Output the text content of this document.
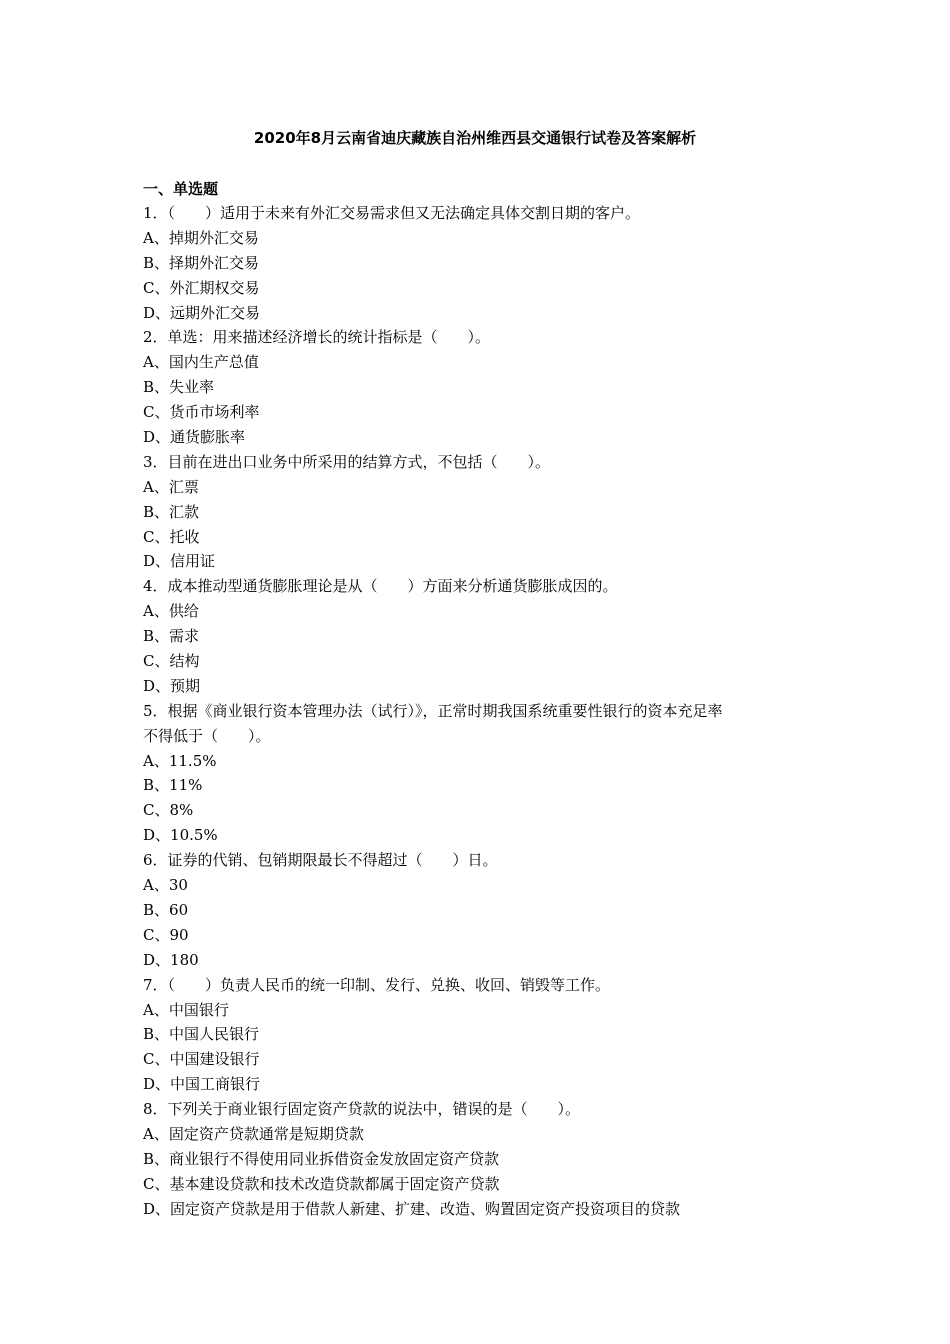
2020年8月云南省迪庆藏族自治州维西县交通银行试卷及答案解析
一、单选题
1．（　　）适用于未来有外汇交易需求但又无法确定具体交割日期的客户。
A、掉期外汇交易
B、择期外汇交易
C、外汇期权交易
D、远期外汇交易
2．单选：用来描述经济增长的统计指标是（　　）。
A、国内生产总值
B、失业率
C、货币市场利率
D、通货膨胀率
3．目前在进出口业务中所采用的结算方式，不包括（　　）。
A、汇票
B、汇款
C、托收
D、信用证
4．成本推动型通货膨胀理论是从（　　）方面来分析通货膨胀成因的。
A、供给
B、需求
C、结构
D、预期
5．根据《商业银行资本管理办法（试行）》，正常时期我国系统重要性银行的资本充足率
不得低于（　　）。
A、11.5%
B、11%
C、8%
D、10.5%
6．证券的代销、包销期限最长不得超过（　　）日。
A、30
B、60
C、90
D、180
7．（　　）负责人民币的统一印制、发行、兑换、收回、销毁等工作。
A、中国银行
B、中国人民银行
C、中国建设银行
D、中国工商银行
8．下列关于商业银行固定资产贷款的说法中，错误的是（　　）。
A、固定资产贷款通常是短期贷款
B、商业银行不得使用同业拆借资金发放固定资产贷款
C、基本建设贷款和技术改造贷款都属于固定资产贷款
D、固定资产贷款是用于借款人新建、扩建、改造、购置固定资产投资项目的贷款
